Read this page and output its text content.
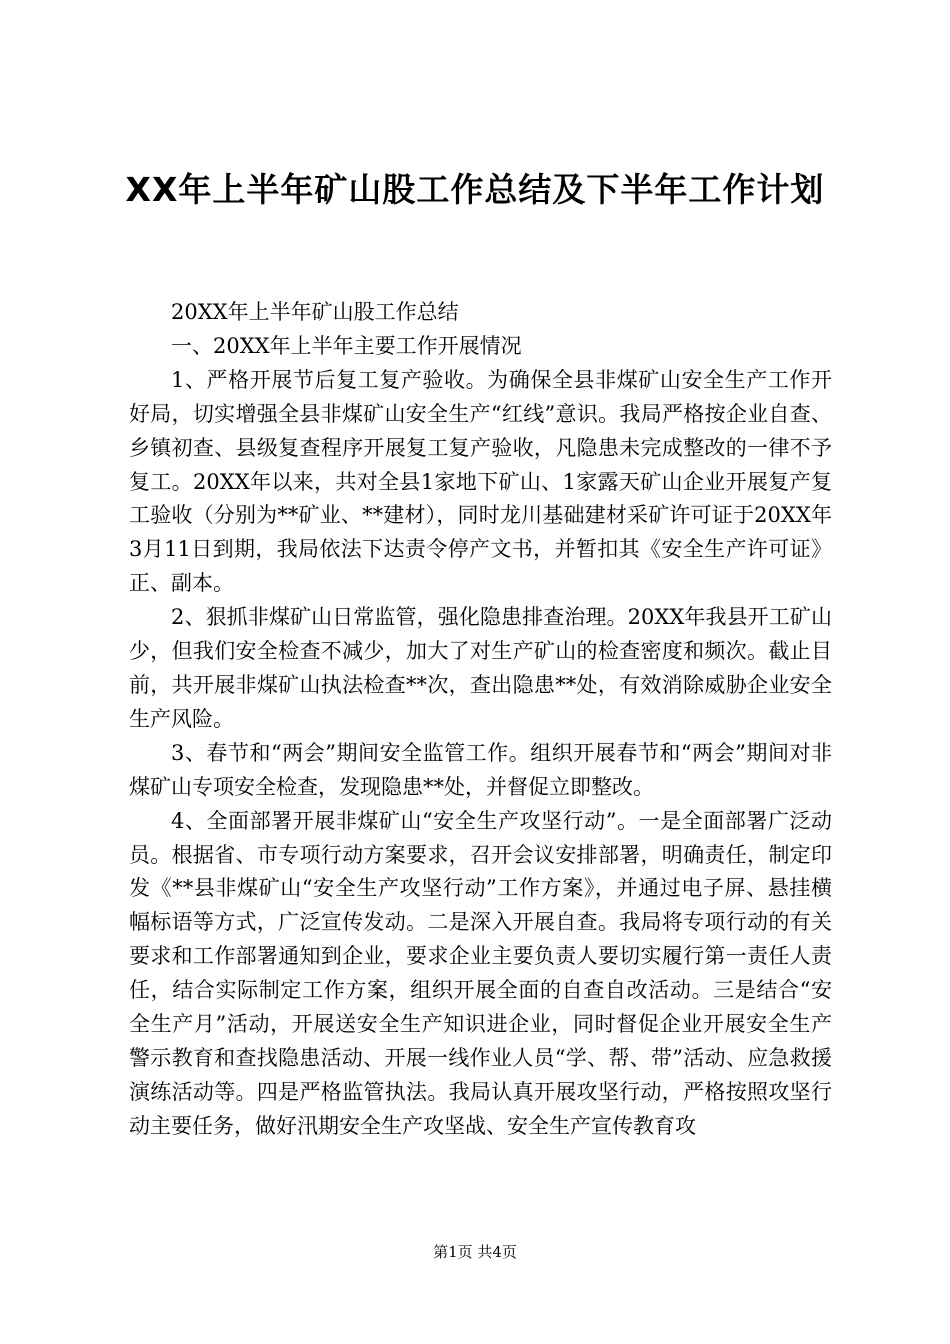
XX年上半年矿山股工作总结及下半年工作计划

20XX年上半年矿山股工作总结

一、20XX年上半年主要工作开展情况

1、严格开展节后复工复产验收。为确保全县非煤矿山安全生产工作开好局，切实增强全县非煤矿山安全生产“红线”意识。我局严格按企业自查、乡镇初查、县级复查程序开展复工复产验收，凡隐患未完成整改的一律不予复工。20XX年以来，共对全县1家地下矿山、1家露天矿山企业开展复产复工验收（分别为**矿业、**建材），同时龙川基础建材采矿许可证于20XX年3月11日到期，我局依法下达责令停产文书，并暂扣其《安全生产许可证》正、副本。

2、狠抓非煤矿山日常监管，强化隐患排查治理。20XX年我县开工矿山少，但我们安全检查不减少，加大了对生产矿山的检查密度和频次。截止目前，共开展非煤矿山执法检查**次，查出隐患**处，有效消除威胁企业安全生产风险。

3、春节和“两会”期间安全监管工作。组织开展春节和“两会”期间对非煤矿山专项安全检查，发现隐患**处，并督促立即整改。

4、全面部署开展非煤矿山“安全生产攻坚行动”。一是全面部署广泛动员。根据省、市专项行动方案要求，召开会议安排部署，明确责任，制定印发《**县非煤矿山“安全生产攻坚行动”工作方案》，并通过电子屏、悬挂横幅标语等方式，广泛宣传发动。二是深入开展自查。我局将专项行动的有关要求和工作部署通知到企业，要求企业主要负责人要切实履行第一责任人责任，结合实际制定工作方案，组织开展全面的自查自改活动。三是结合“安全生产月”活动，开展送安全生产知识进企业，同时督促企业开展安全生产警示教育和查找隐患活动、开展一线作业人员“学、帮、带”活动、应急救援演练活动等。四是严格监管执法。我局认真开展攻坚行动，严格按照攻坚行动主要任务，做好汛期安全生产攻坚战、安全生产宣传教育攻

第1页 共4页
